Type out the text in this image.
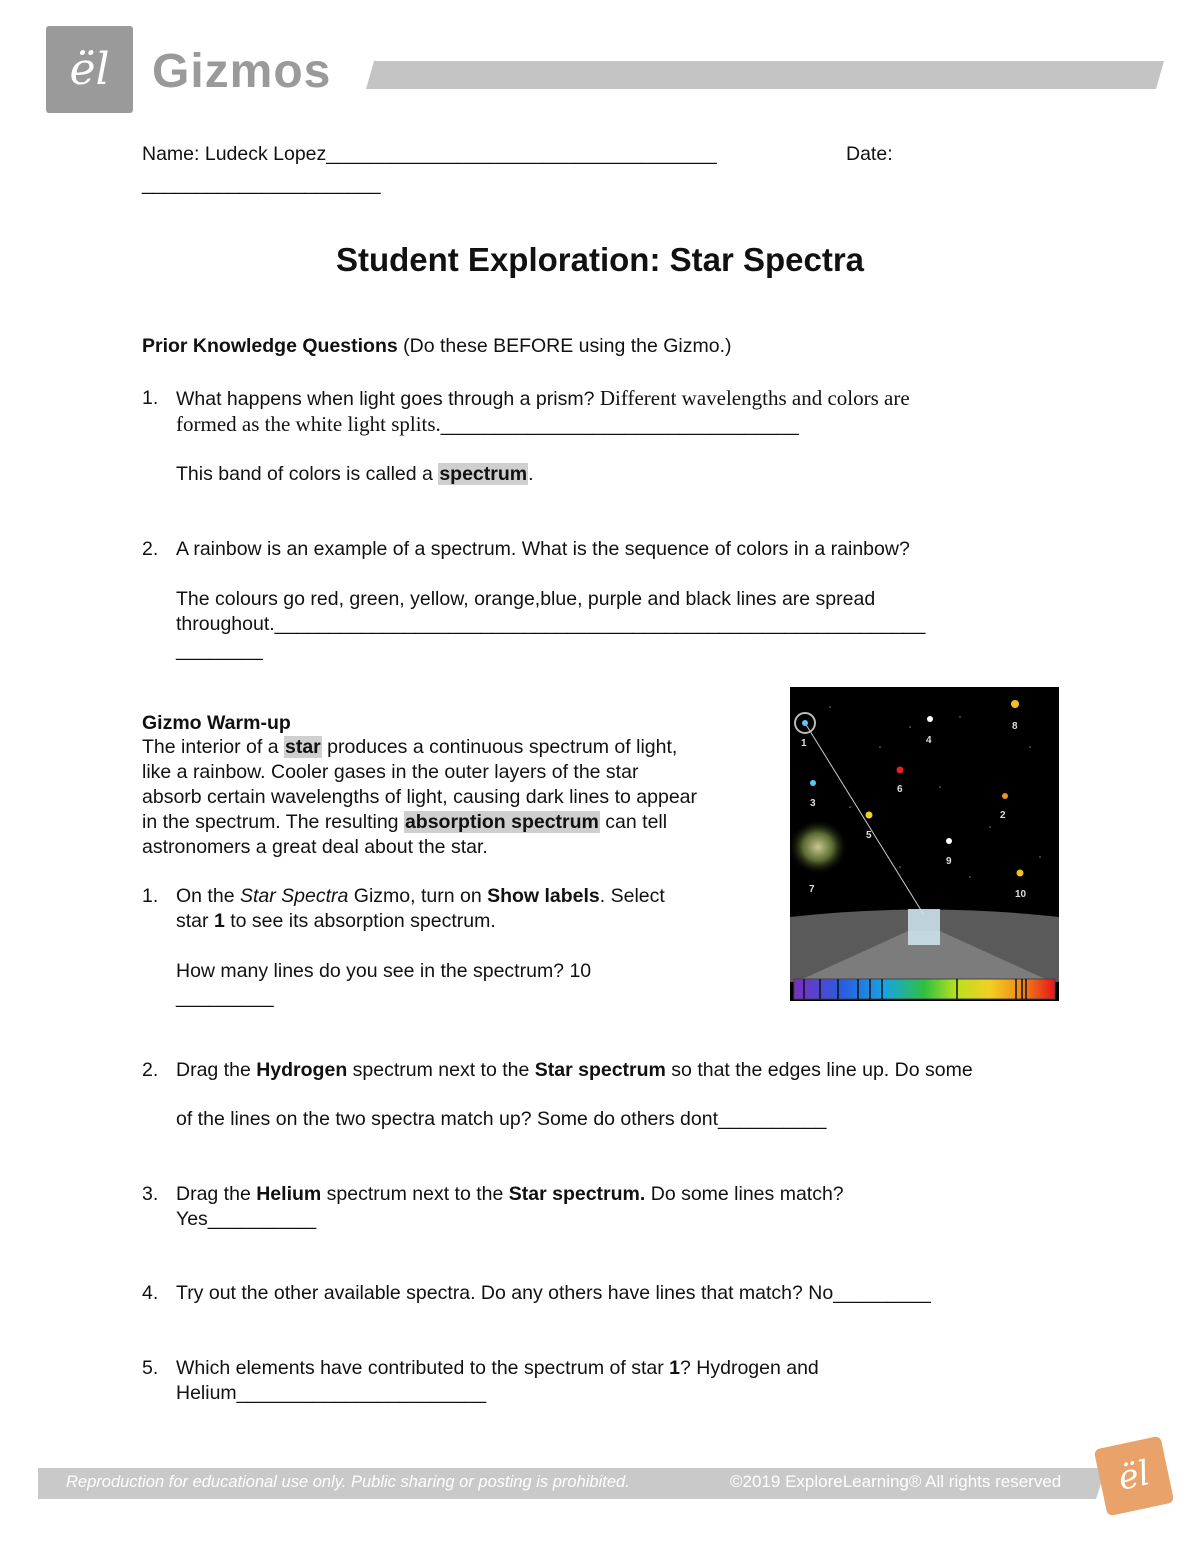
ël Gizmos
Name: Ludeck Lopez____________________________________	Date:
______________________
Student Exploration: Star Spectra
Prior Knowledge Questions (Do these BEFORE using the Gizmo.)
1. What happens when light goes through a prism? Different wavelengths and colors are
formed as the white light splits._________________________________
This band of colors is called a spectrum.
2. A rainbow is an example of a spectrum. What is the sequence of colors in a rainbow?
The colours go red, green, yellow, orange,blue, purple and black lines are spread
throughout.____________________________________________________________
________
Gizmo Warm-up
The interior of a star produces a continuous spectrum of light,
like a rainbow. Cooler gases in the outer layers of the star
absorb certain wavelengths of light, causing dark lines to appear
in the spectrum. The resulting absorption spectrum can tell
astronomers a great deal about the star.
1. On the Star Spectra Gizmo, turn on Show labels. Select
star 1 to see its absorption spectrum.
How many lines do you see in the spectrum? 10
_________
1
2
3
4
5
6
7
8
9
10
2. Drag the Hydrogen spectrum next to the Star spectrum so that the edges line up. Do some
of the lines on the two spectra match up? Some do others dont__________
3. Drag the Helium spectrum next to the Star spectrum. Do some lines match?
Yes__________
4. Try out the other available spectra. Do any others have lines that match? No_________
5. Which elements have contributed to the spectrum of star 1? Hydrogen and
Helium_______________________
Reproduction for educational use only. Public sharing or posting is prohibited.	©2019 ExploreLearning® All rights reserved ël
